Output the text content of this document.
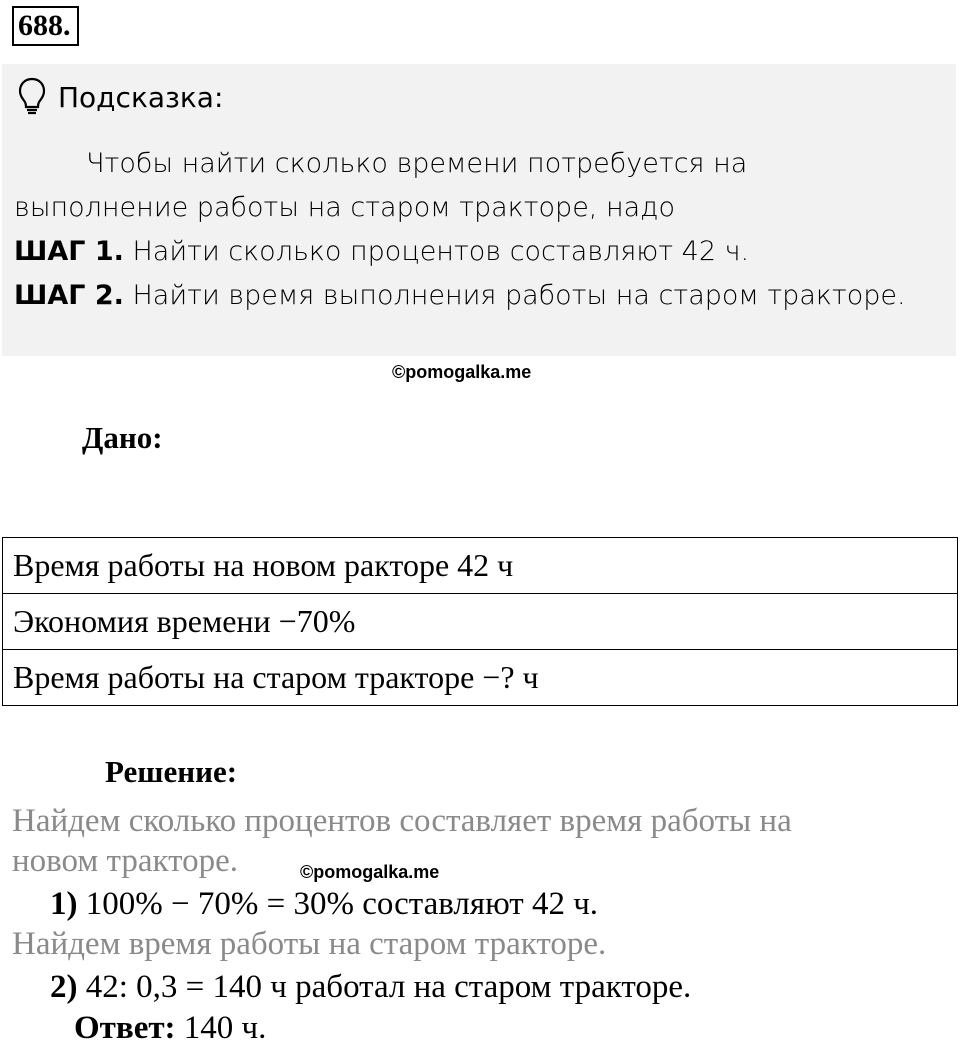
688.
Подсказка:
Чтобы найти сколько времени потребуется на
выполнение работы на старом тракторе, надо
ШАГ 1. Найти сколько процентов составляют 42 ч.
ШАГ 2. Найти время выполнения работы на старом тракторе.
©pomogalka.me
Дано:
Время работы на новом ракторе 42 ч
Экономия времени −70%
Время работы на старом тракторе −? ч
Решение:
Найдем сколько процентов составляет время работы на
новом тракторе.	©pomogalka.me
1) 100% − 70% = 30% составляют 42 ч.
Найдем время работы на старом тракторе.
2) 42: 0,3 = 140 ч работал на старом тракторе.
Ответ: 140 ч.
